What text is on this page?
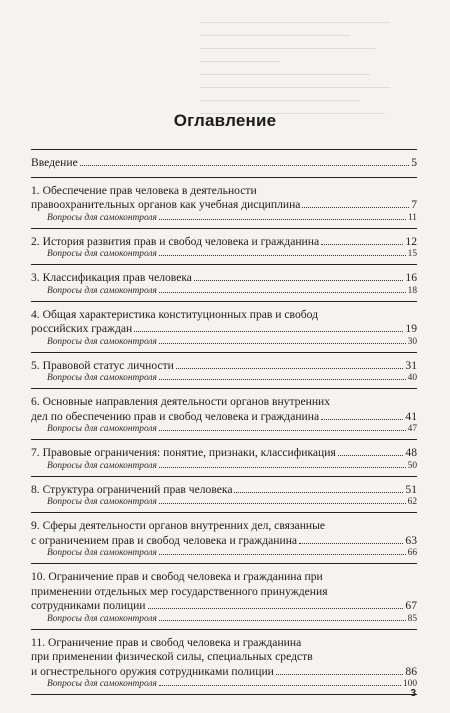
Оглавление
Введение	5
1. Обеспечение прав человека в деятельности
правоохранительных органов как учебная дисциплина	7
Вопросы для самоконтроля	11
2. История развития прав и свобод человека и гражданина	12
Вопросы для самоконтроля	15
3. Классификация прав человека	16
Вопросы для самоконтроля	18
4. Общая характеристика конституционных прав и свобод
российских граждан	19
Вопросы для самоконтроля	30
5. Правовой статус личности	31
Вопросы для самоконтроля	40
6. Основные направления деятельности органов внутренних
дел по обеспечению прав и свобод человека и гражданина	41
Вопросы для самоконтроля	47
7. Правовые ограничения: понятие, признаки, классификация	48
Вопросы для самоконтроля	50
8. Структура ограничений прав человека	51
Вопросы для самоконтроля	62
9. Сферы деятельности органов внутренних дел, связанные
с ограничением прав и свобод человека и гражданина	63
Вопросы для самоконтроля	66
10. Ограничение прав и свобод человека и гражданина при
применении отдельных мер государственного принуждения
сотрудниками полиции	67
Вопросы для самоконтроля	85
11. Ограничение прав и свобод человека и гражданина
при применении физической силы, специальных средств
и огнестрельного оружия сотрудниками полиции	86
Вопросы для самоконтроля	100
3
